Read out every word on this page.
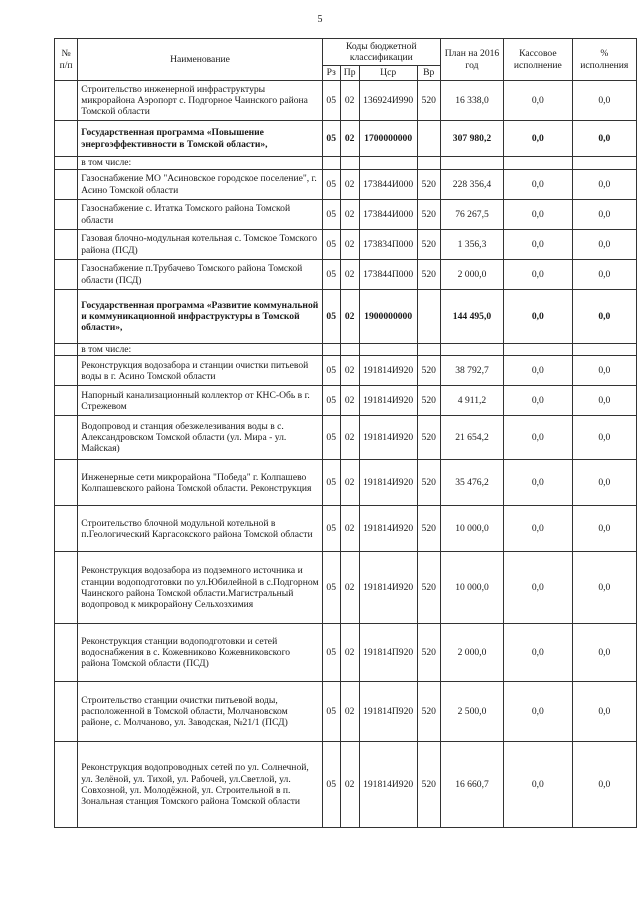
5
№ п/п	Наименование	Коды бюджетной классификации				План на 2016 год	Кассовое исполнение	% исполнения
		Рз	Пр	Цср	Вр			
	Строительство инженерной инфраструктуры микрорайона Аэропорт с. Подгорное Чаинского района Томской области	05	02	136924И990	520	16 338,0	0,0	0,0
	Государственная программа «Повышение энергоэффективности в Томской области»,	05	02	1700000000		307 980,2	0,0	0,0
	в том числе:							
	Газоснабжение МО "Асиновское городское поселение", г. Асино Томской области	05	02	173844И000	520	228 356,4	0,0	0,0
	Газоснабжение с. Итатка Томского района Томской области	05	02	173844И000	520	76 267,5	0,0	0,0
	Газовая блочно-модульная котельная с. Томское Томского района (ПСД)	05	02	173834П000	520	1 356,3	0,0	0,0
	Газоснабжение п.Трубачево Томского района Томской области (ПСД)	05	02	173844П000	520	2 000,0	0,0	0,0
	Государственная программа «Развитие коммунальной и коммуникационной инфраструктуры в Томской области»,	05	02	1900000000		144 495,0	0,0	0,0
	в том числе:							
	Реконструкция водозабора и станции очистки питьевой воды в г. Асино Томской области	05	02	191814И920	520	38 792,7	0,0	0,0
	Напорный канализационный коллектор от КНС-Обь в г. Стрежевом	05	02	191814И920	520	4 911,2	0,0	0,0
	Водопровод и станция обезжелезивания воды в с. Александровском Томской области (ул. Мира - ул. Майская)	05	02	191814И920	520	21 654,2	0,0	0,0
	Инженерные сети микрорайона "Победа" г. Колпашево Колпашевского района Томской области. Реконструкция	05	02	191814И920	520	35 476,2	0,0	0,0
	Строительство блочной модульной котельной в п.Геологический Каргасокского района Томской области	05	02	191814И920	520	10 000,0	0,0	0,0
	Реконструкция водозабора из подземного источника и станции водоподготовки по ул.Юбилейной в с.Подгорном Чаинского района Томской области.Магистральный водопровод к микрорайону Сельхозхимия	05	02	191814И920	520	10 000,0	0,0	0,0
	Реконструкция станции водоподготовки и сетей водоснабжения в с. Кожевниково Кожевниковского района Томской области (ПСД)	05	02	191814П920	520	2 000,0	0,0	0,0
	Строительство станции очистки питьевой воды, расположенной в Томской области, Молчановском районе, с. Молчаново, ул. Заводская, №21/1 (ПСД)	05	02	191814П920	520	2 500,0	0,0	0,0
	Реконструкция водопроводных сетей по ул. Солнечной, ул. Зелёной, ул. Тихой, ул. Рабочей, ул.Светлой, ул. Совхозной, ул. Молодёжной, ул. Строительной в п. Зональная станция Томского района Томской области	05	02	191814И920	520	16 660,7	0,0	0,0
